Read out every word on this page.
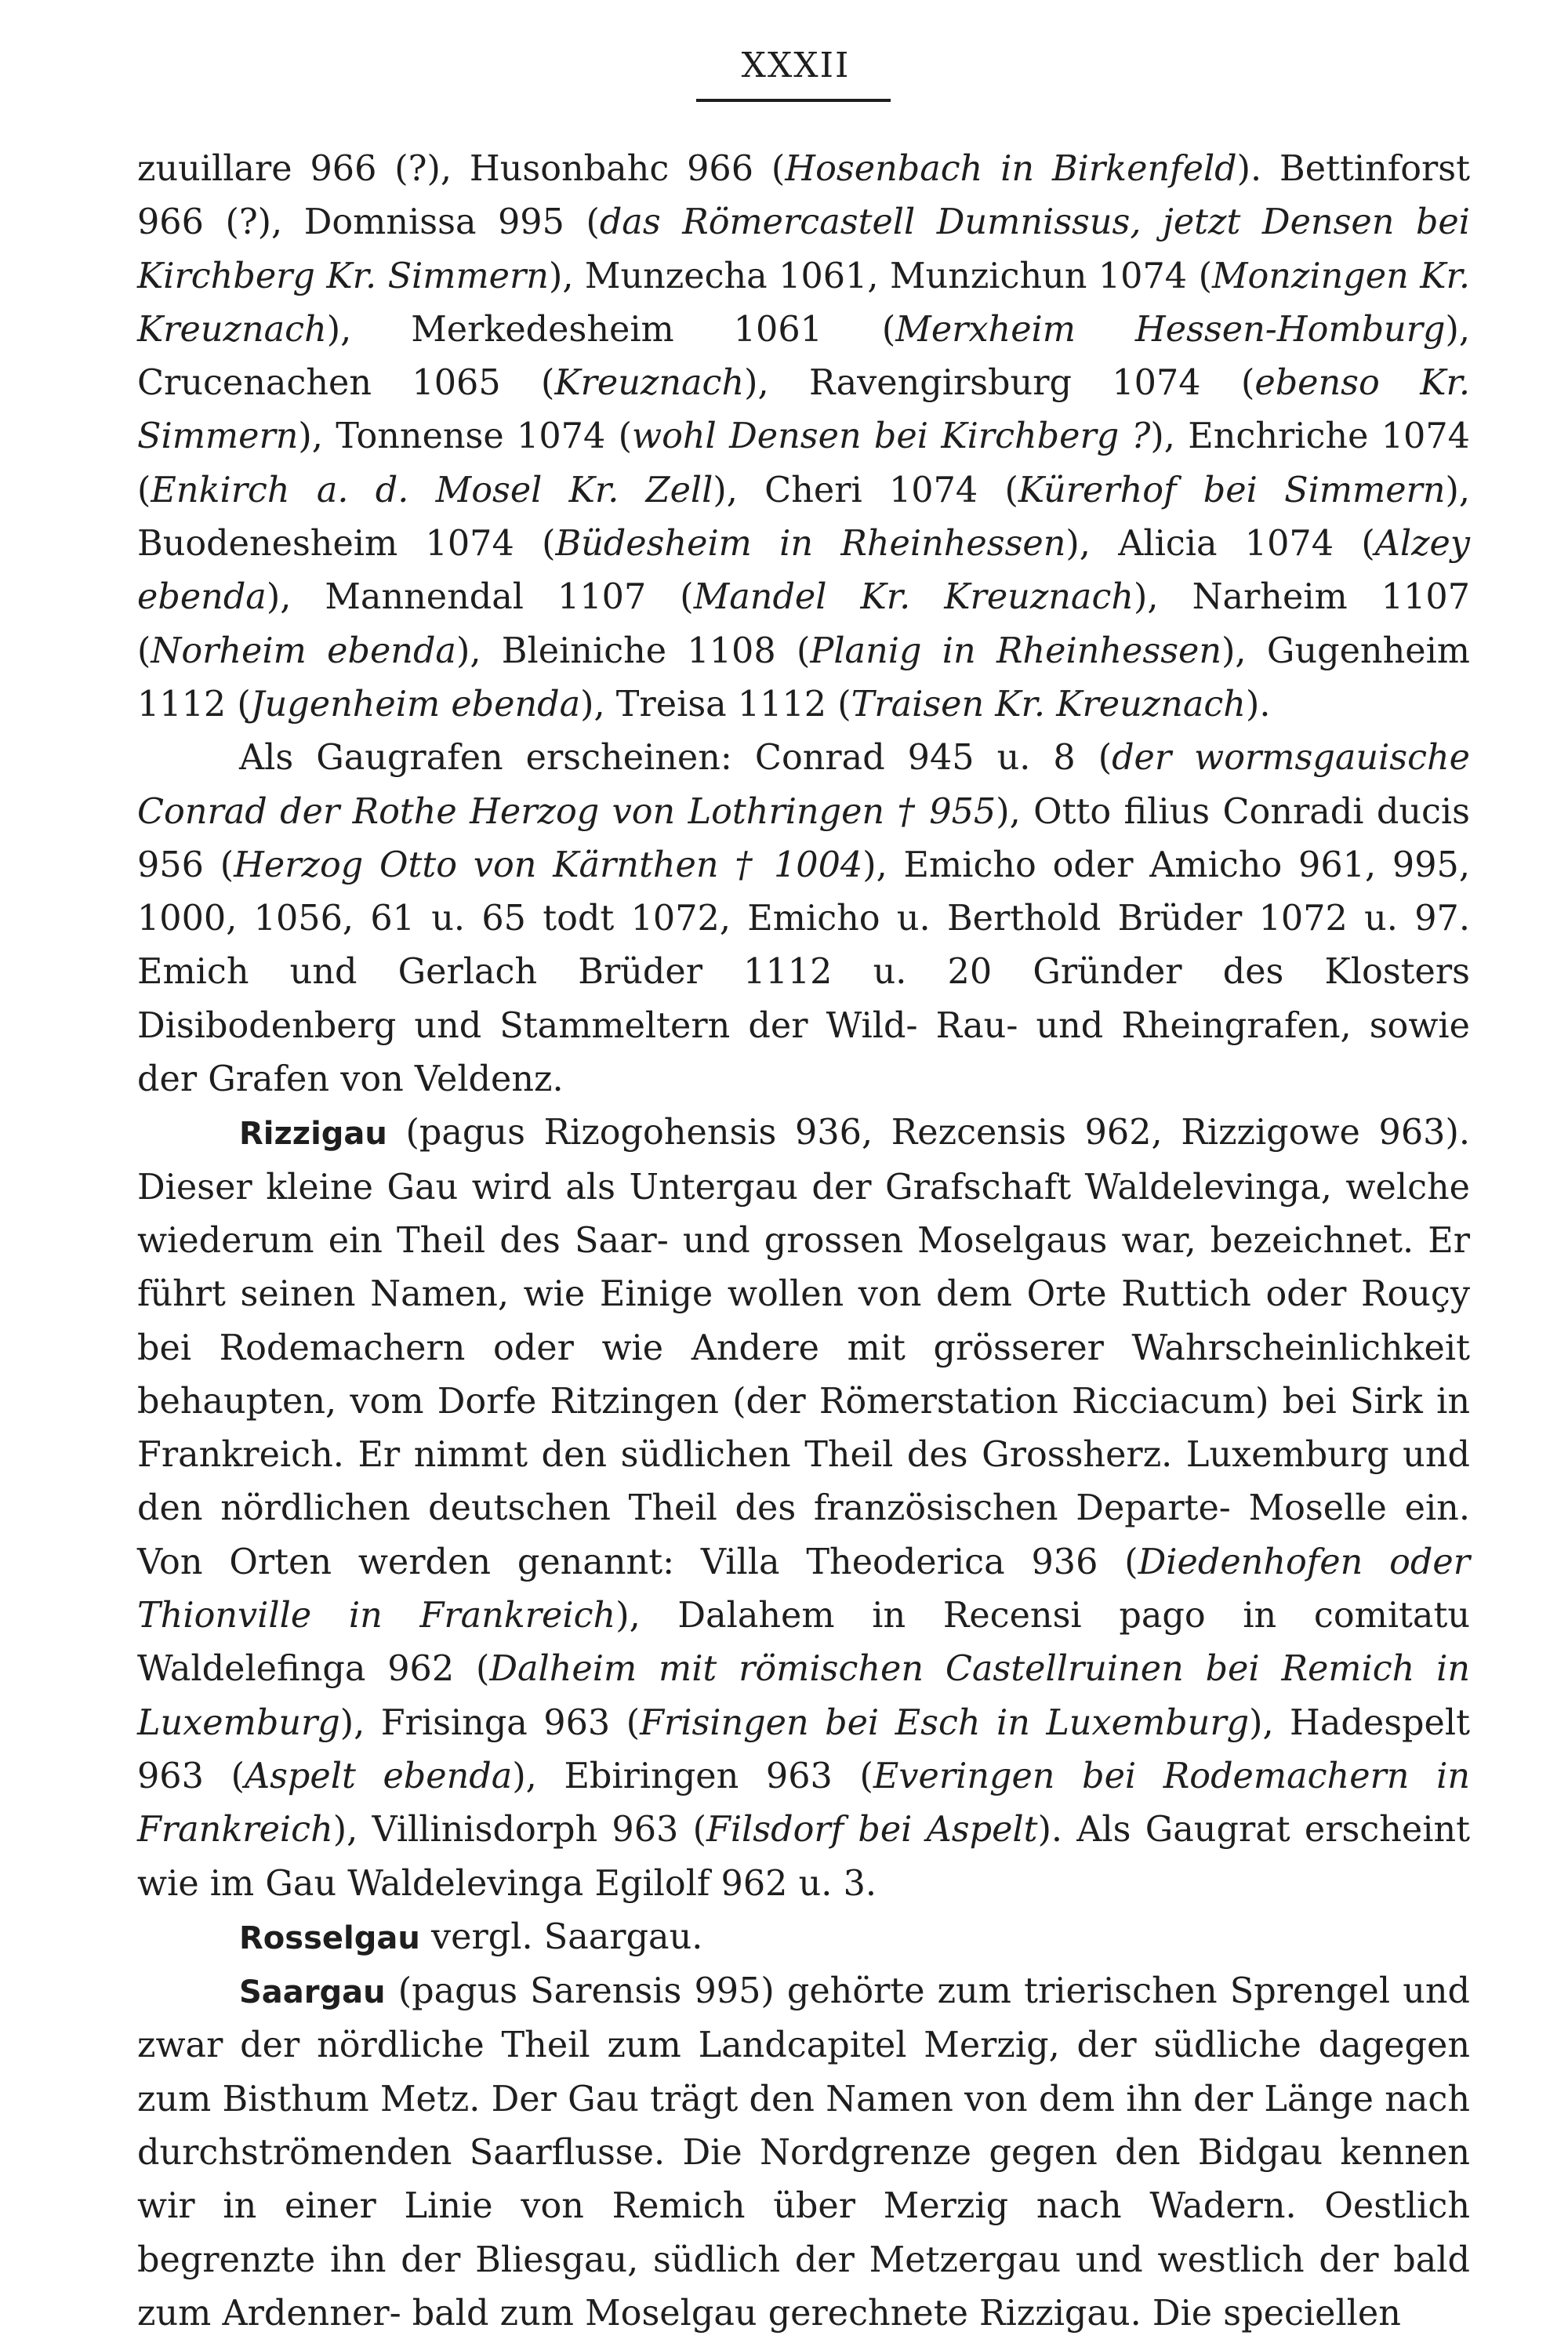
XXXII

zuuillare 966 (?), Husonbahc 966 (Hosenbach in Birkenfeld). Bettinforst 966 (?), Domnissa 995 (das Römercastell Dumnissus, jetzt Densen bei Kirchberg Kr. Simmern), Munzecha 1061, Munzichun 1074 (Monzingen Kr. Kreuznach), Merkedesheim 1061 (Merxheim Hessen-Homburg), Crucenachen 1065 (Kreuznach), Ravengirsburg 1074 (ebenso Kr. Simmern), Tonnense 1074 (wohl Densen bei Kirchberg ?), Enchriche 1074 (Enkirch a. d. Mosel Kr. Zell), Cheri 1074 (Kürerhof bei Simmern), Buodenesheim 1074 (Büdesheim in Rheinhessen), Alicia 1074 (Alzey ebenda), Mannendal 1107 (Mandel Kr. Kreuznach), Narheim 1107 (Norheim ebenda), Bleiniche 1108 (Planig in Rheinhessen), Gugenheim 1112 (Jugenheim ebenda), Treisa 1112 (Traisen Kr. Kreuznach).

Als Gaugrafen erscheinen: Conrad 945 u. 8 (der wormsgauische Conrad der Rothe Herzog von Lothringen † 955), Otto filius Conradi ducis 956 (Herzog Otto von Kärnthen † 1004), Emicho oder Amicho 961, 995, 1000, 1056, 61 u. 65 todt 1072, Emicho u. Berthold Brüder 1072 u. 97. Emich und Gerlach Brüder 1112 u. 20 Gründer des Klosters Disibodenberg und Stammeltern der Wild- Rau- und Rheingrafen, sowie der Grafen von Veldenz.

Rizzigau (pagus Rizogohensis 936, Rezcensis 962, Rizzigowe 963). Dieser kleine Gau wird als Untergau der Grafschaft Waldelevinga, welche wiederum ein Theil des Saar- und grossen Moselgaus war, bezeichnet. Er führt seinen Namen, wie Einige wollen von dem Orte Ruttich oder Rouçy bei Rodemachern oder wie Andere mit grösserer Wahrscheinlichkeit behaupten, vom Dorfe Ritzingen (der Römerstation Ricciacum) bei Sirk in Frankreich. Er nimmt den südlichen Theil des Grossherz. Luxemburg und den nördlichen deutschen Theil des französischen Departe- Moselle ein. Von Orten werden genannt: Villa Theoderica 936 (Diedenhofen oder Thionville in Frankreich), Dalahem in Recensi pago in comitatu Waldelefinga 962 (Dalheim mit römischen Castellruinen bei Remich in Luxemburg), Frisinga 963 (Frisingen bei Esch in Luxemburg), Hadespelt 963 (Aspelt ebenda), Ebiringen 963 (Everingen bei Rodemachern in Frankreich), Villinisdorph 963 (Filsdorf bei Aspelt). Als Gaugrat erscheint wie im Gau Waldelevinga Egilolf 962 u. 3.

Rosselgau vergl. Saargau.

Saargau (pagus Sarensis 995) gehörte zum trierischen Sprengel und zwar der nördliche Theil zum Landcapitel Merzig, der südliche dagegen zum Bisthum Metz. Der Gau trägt den Namen von dem ihn der Länge nach durchströmenden Saarflusse. Die Nordgrenze gegen den Bidgau kennen wir in einer Linie von Remich über Merzig nach Wadern. Oestlich begrenzte ihn der Bliesgau, südlich der Metzergau und westlich der bald zum Ardenner- bald zum Moselgau gerechnete Rizzigau. Die speciellen
